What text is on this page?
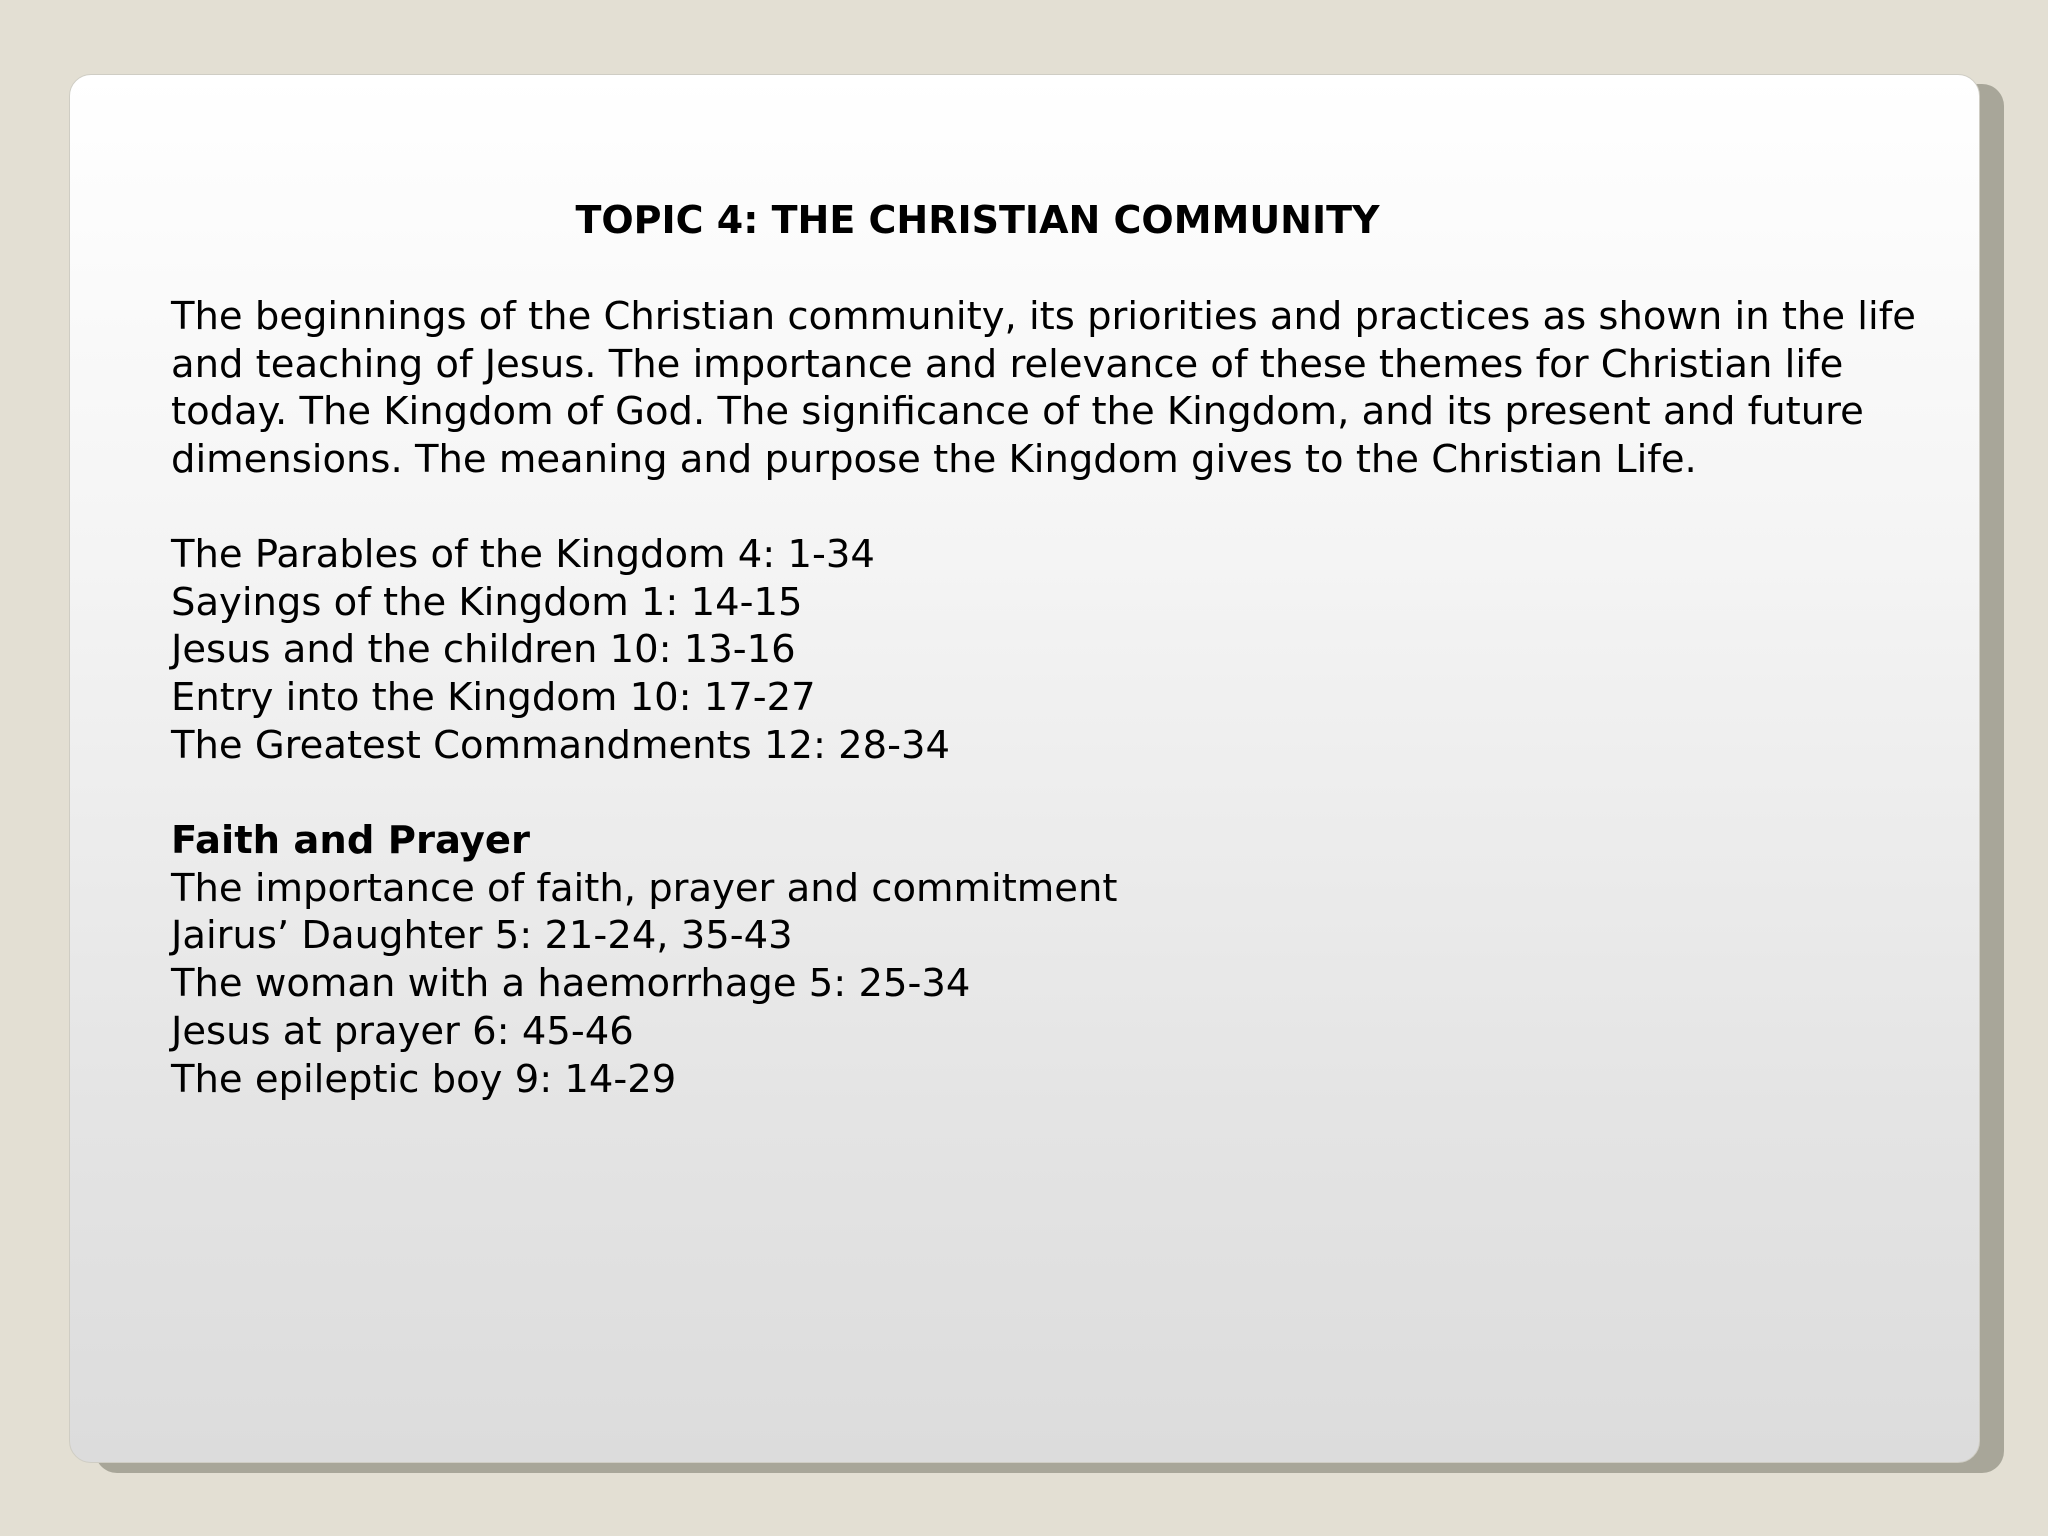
TOPIC 4: THE CHRISTIAN COMMUNITY

The beginnings of the Christian community, its priorities and practices as shown in the life
and teaching of Jesus. The importance and relevance of these themes for Christian life
today. The Kingdom of God. The significance of the Kingdom, and its present and future
dimensions. The meaning and purpose the Kingdom gives to the Christian Life.

The Parables of the Kingdom 4: 1-34
Sayings of the Kingdom 1: 14-15
Jesus and the children 10: 13-16
Entry into the Kingdom 10: 17-27
The Greatest Commandments 12: 28-34
Faith and Prayer
The importance of faith, prayer and commitment
Jairus’ Daughter 5: 21-24, 35-43
The woman with a haemorrhage 5: 25-34
Jesus at prayer 6: 45-46
The epileptic boy 9: 14-29
